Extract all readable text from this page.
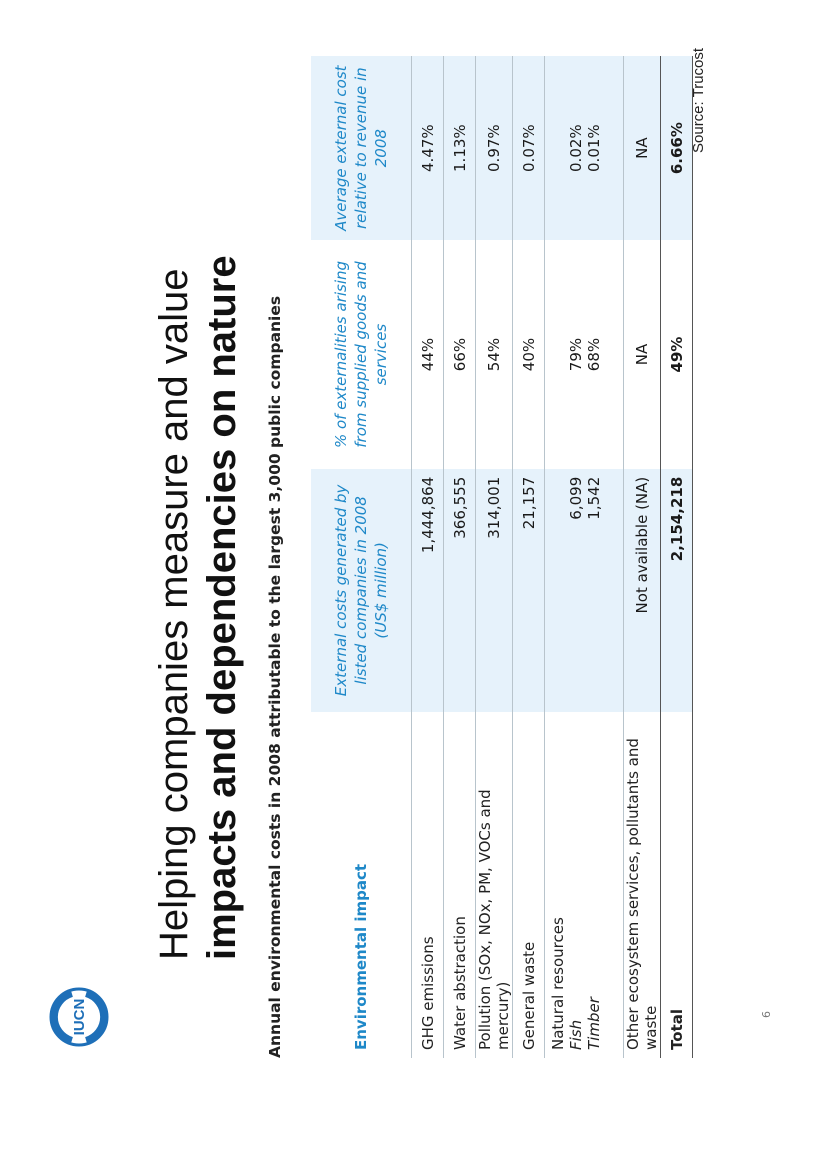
IUCN
Helping companies measure and value impacts and dependencies on nature Annual environmental costs in 2008 attributable to the largest 3,000 public companies	Environmental impact	External costs generated by listed companies in 2008 (US$ million)	% of externalities arising from supplied goods and services	Average external cost relative to revenue in 2008
GHG emissions	1,444,864	44%	4.47%
Water abstraction	366,555	66%	1.13%
Pollution (SOx, NOx, PM, VOCs and mercury)	314,001	54%	0.97%
General waste	21,157	40%	0.07%

Natural resources Fish Timber	6,099 1,542	79% 68%	0.02% 0.01%

Other ecosystem services, pollutants and waste	Not available (NA)	NA	NA
Total	2,154,218	49%	6.66%
6
Source: Trucost
